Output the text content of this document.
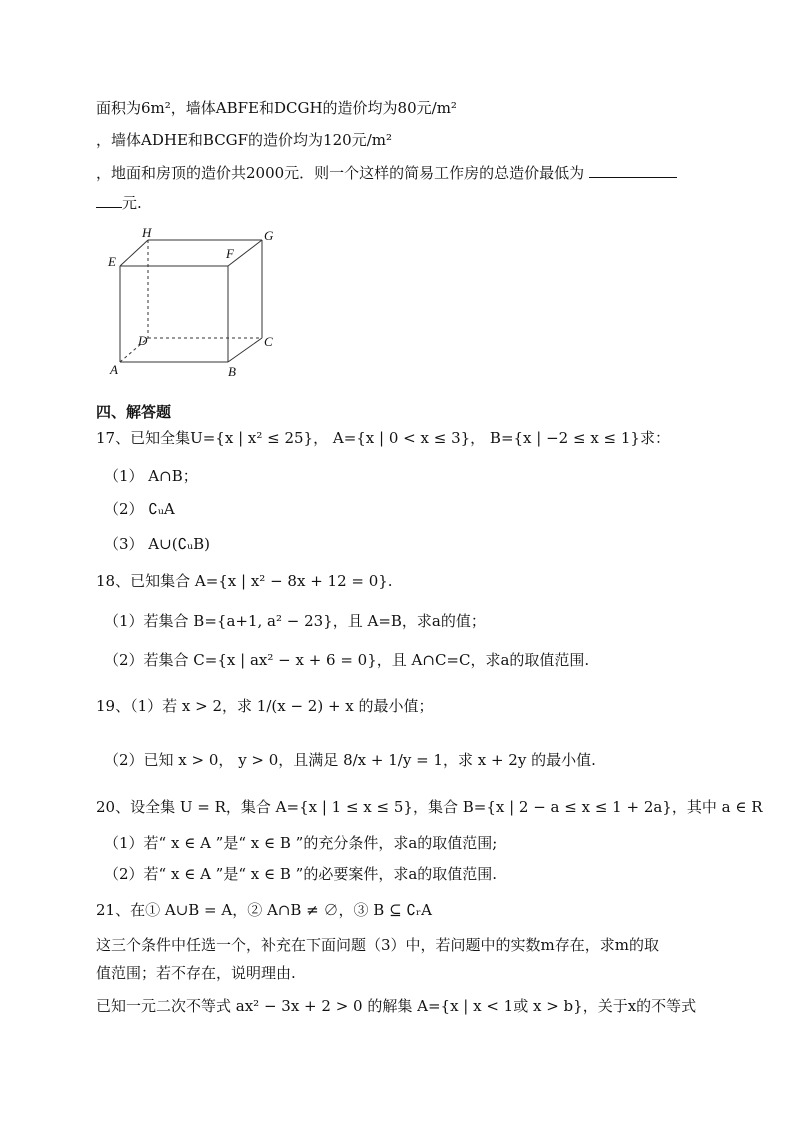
面积为6m²，墙体ABFE和DCGH的造价均为80元/m²
，墙体ADHE和BCGF的造价均为120元/m²
，地面和房顶的造价共2000元．则一个这样的简易工作房的总造价最低为
元.
H	G
E
F
D	C
A	B
四、解答题
17、已知全集U={x | x² ≤ 25}， A={x | 0 < x ≤ 3}， B={x | −2 ≤ x ≤ 1}求：
（1） A∩B；
（2） ∁ᵤA
（3） A∪(∁ᵤB)
18、已知集合 A={x | x² − 8x + 12 = 0}.
（1）若集合 B={a+1, a² − 23}，且 A=B，求a的值；
（2）若集合 C={x | ax² − x + 6 = 0}，且 A∩C=C，求a的取值范围.
19、（1）若 x > 2，求 1/(x − 2) + x 的最小值；
（2）已知 x > 0， y > 0，且满足 8/x + 1/y = 1，求 x + 2y 的最小值.
20、设全集 U = R，集合 A={x | 1 ≤ x ≤ 5}，集合 B={x | 2 − a ≤ x ≤ 1 + 2a}，其中 a ∈ R
（1）若“ x ∈ A ”是“ x ∈ B ”的充分条件，求a的取值范围;
（2）若“ x ∈ A ”是“ x ∈ B ”的必要案件，求a的取值范围.
21、在① A∪B = A，② A∩B ≠ ∅，③ B ⊆ ∁ᵣA
这三个条件中任选一个，补充在下面问题（3）中，若问题中的实数m存在，求m的取
值范围；若不存在，说明理由.
已知一元二次不等式 ax² − 3x + 2 > 0 的解集 A={x | x < 1或 x > b}，关于x的不等式
